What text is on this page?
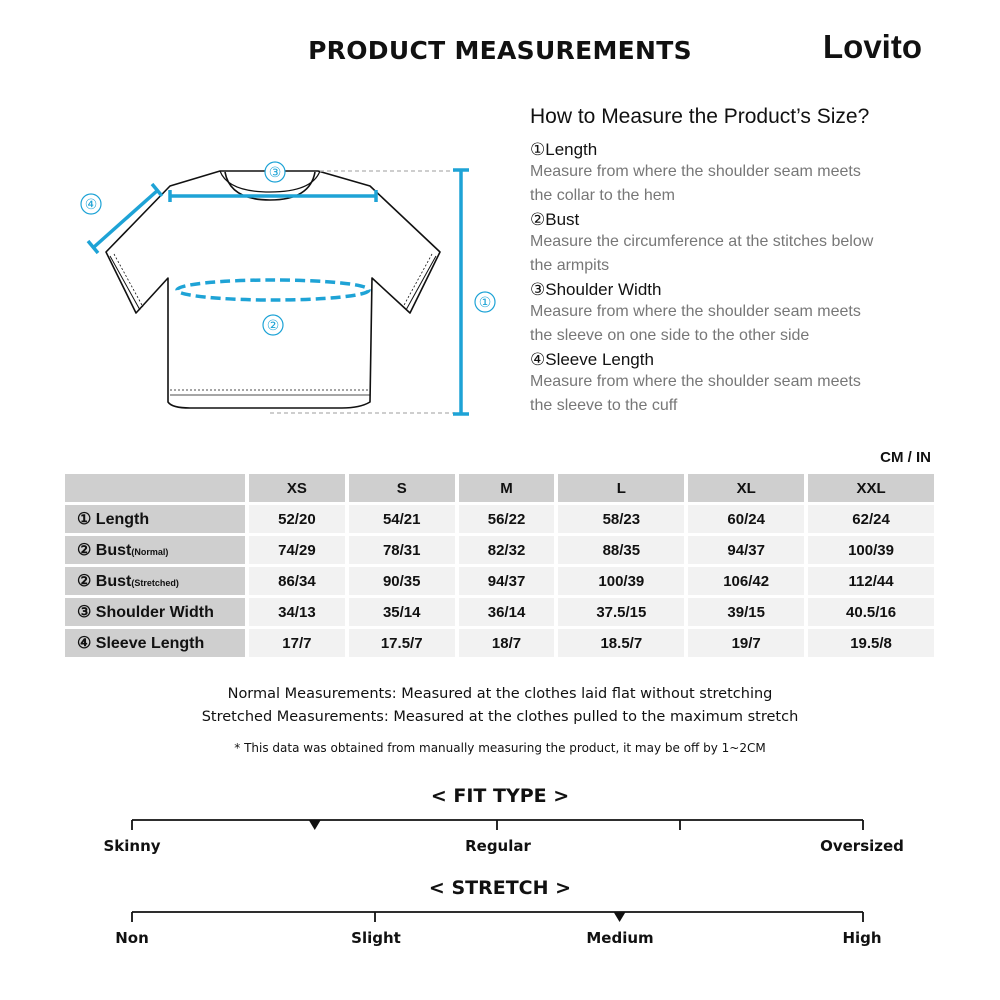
PRODUCT MEASUREMENTS	Lovito
①
②
③
④
How to Measure the Product’s Size?
①Length
Measure from where the shoulder seam meets
the collar to the hem
②Bust
Measure the circumference at the stitches below
the armpits
③Shoulder Width
Measure from where the shoulder seam meets
the sleeve on one side to the other side
④Sleeve Length
Measure from where the shoulder seam meets
the sleeve to the cuff
CM / IN
	XS	S	M	L	XL	XXL
① Length	52/20	54/21	56/22	58/23	60/24	62/24
② Bust(Normal)	74/29	78/31	82/32	88/35	94/37	100/39
② Bust(Stretched)	86/34	90/35	94/37	100/39	106/42	112/44
③ Shoulder Width	34/13	35/14	36/14	37.5/15	39/15	40.5/16
④ Sleeve Length	17/7	17.5/7	18/7	18.5/7	19/7	19.5/8
Normal Measurements: Measured at the clothes laid flat without stretching
Stretched Measurements: Measured at the clothes pulled to the maximum stretch
* This data was obtained from manually measuring the product, it may be off by 1~2CM
< FIT TYPE >
Skinny	Regular	Oversized
< STRETCH >
Non	Slight	Medium	High
